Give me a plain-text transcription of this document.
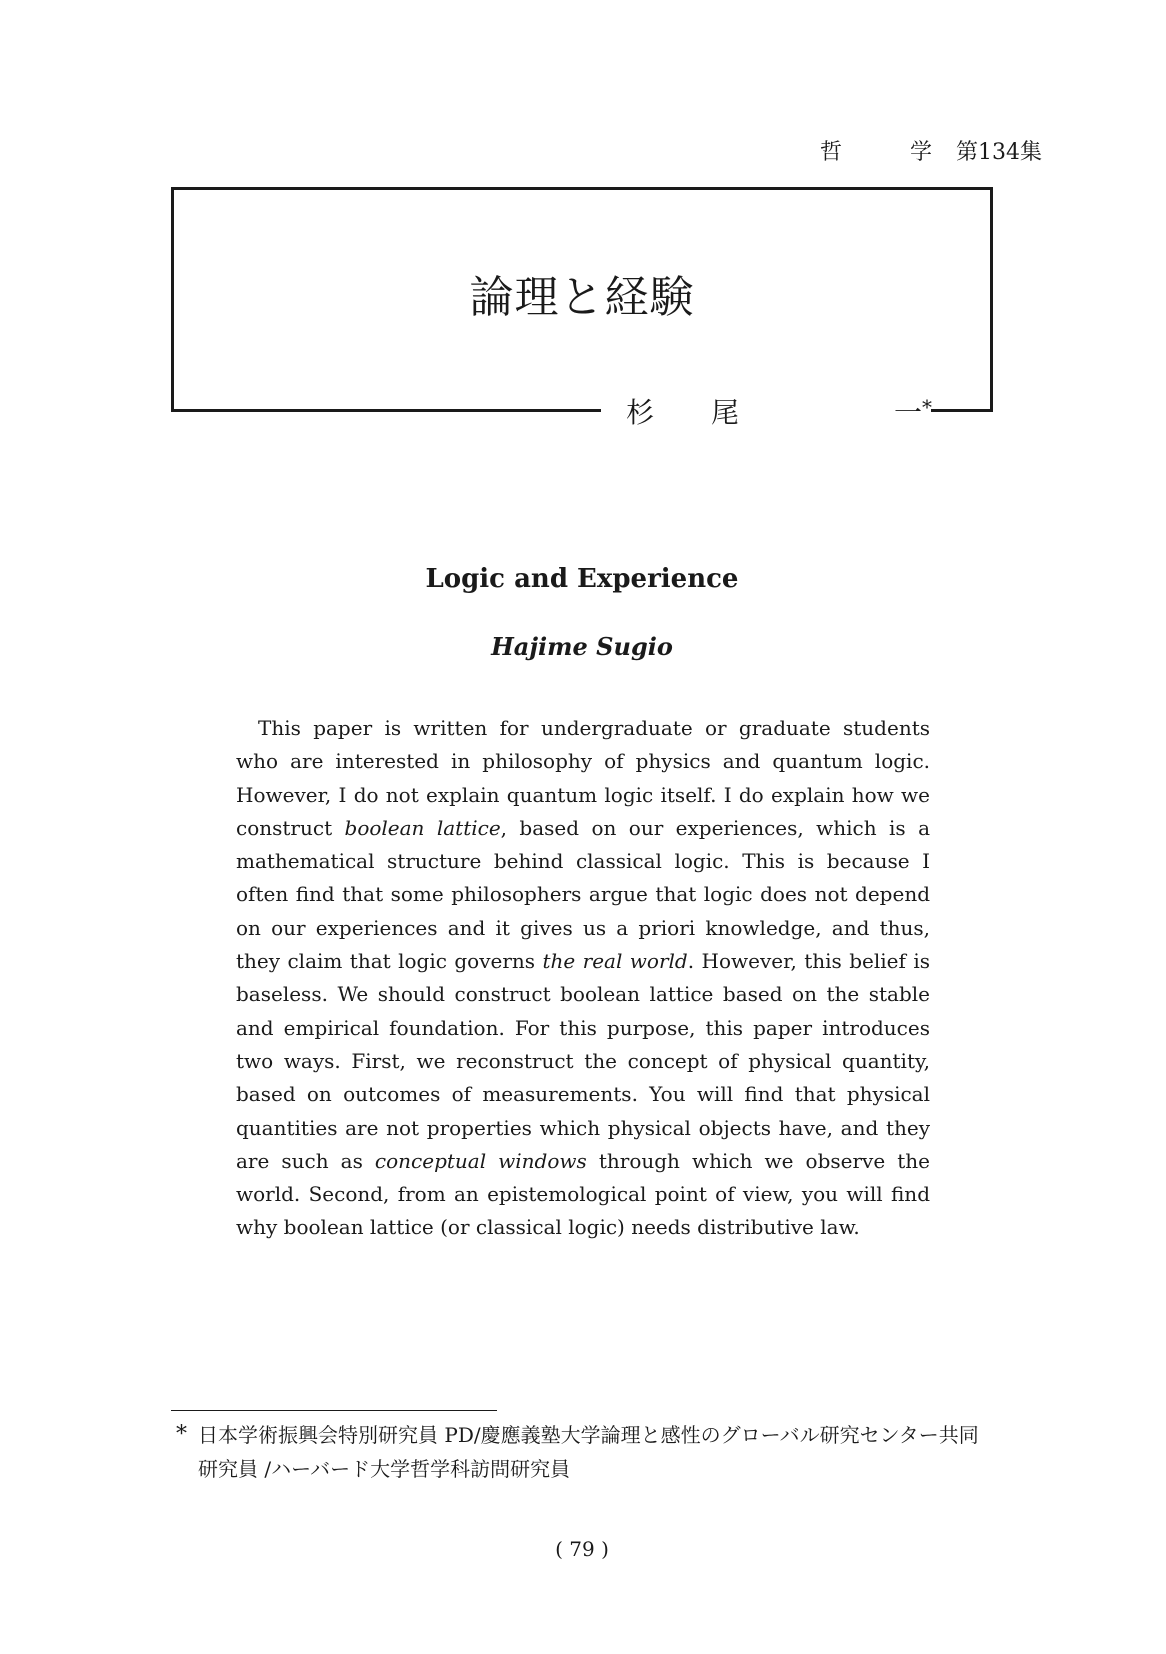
哲	学 第134集
論理と経験
杉 尾	一*
Logic and Experience
Hajime Sugio

This paper is written for undergraduate or graduate students who are interested in philosophy of physics and quantum logic. However, I do not explain quantum logic itself. I do explain how we construct boolean lattice, based on our experiences, which is a mathematical structure behind classical logic. This is because I often find that some philosophers argue that logic does not depend on our experiences and it gives us a priori knowledge, and thus, they claim that logic governs the real world. However, this belief is baseless. We should construct boolean lattice based on the stable and empirical foundation. For this purpose, this paper introduces two ways. First, we reconstruct the concept of physical quantity, based on outcomes of measurements. You will find that physical quantities are not properties which physical objects have, and they are such as conceptual windows through which we observe the world. Second, from an epistemological point of view, you will find why boolean lattice (or classical logic) needs distributive law.

* 日本学術振興会特別研究員 PD/慶應義塾大学論理と感性のグローバル研究センター共同研究員 /ハーバード大学哲学科訪問研究員
( 79 )
